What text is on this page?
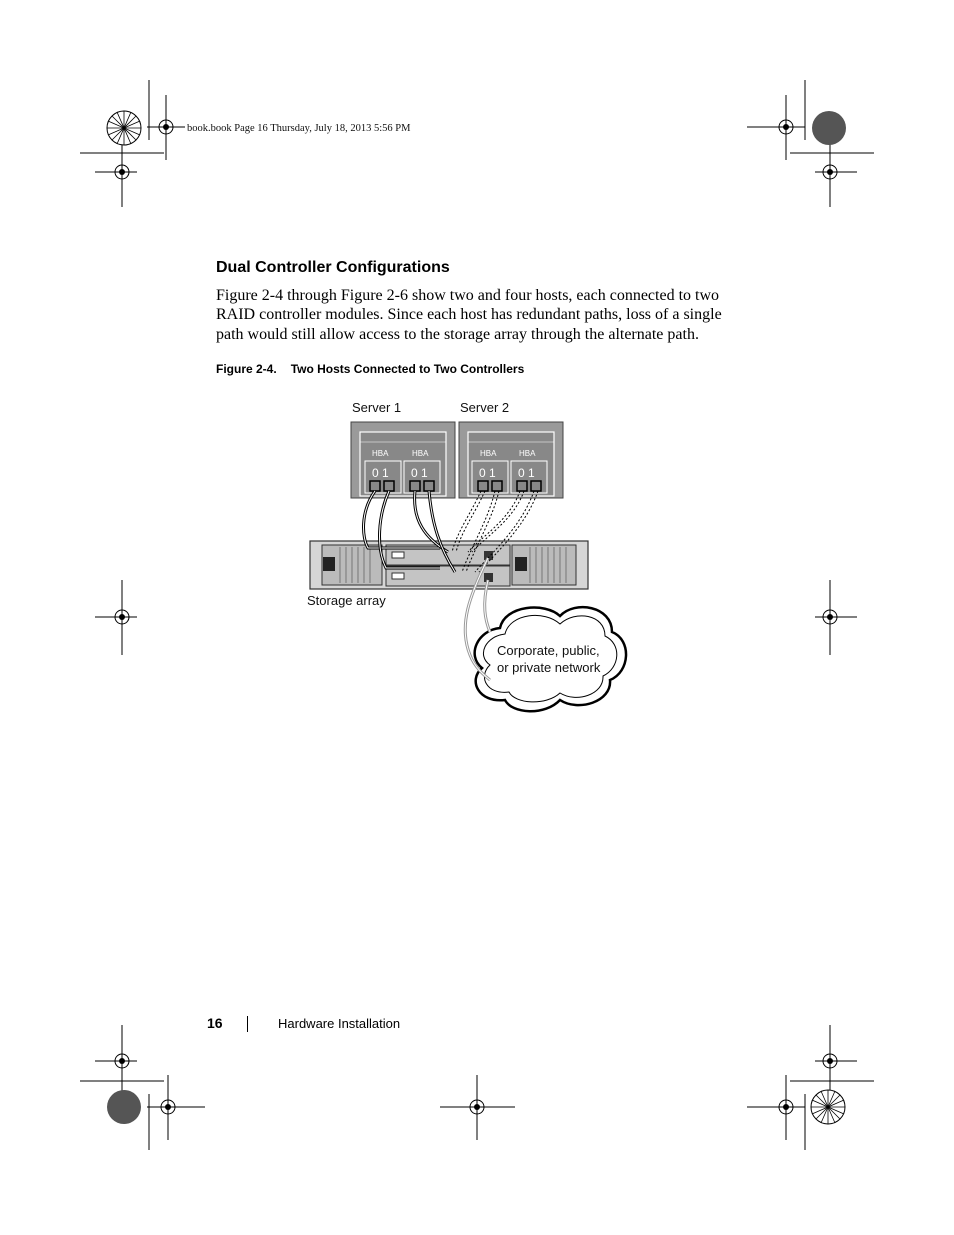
book.book Page 16 Thursday, July 18, 2013 5:56 PM
Dual Controller Configurations

Figure 2-4 through Figure 2-6 show two and four hosts, each connected to two RAID controller modules. Since each host has redundant paths, loss of a single path would still allow access to the storage array through the alternate path.

Figure 2-4. Two Hosts Connected to Two Controllers
Corporate, public,
or private network
HBA	HBA
0 1 0 1
Server 1
HBA	HBA
0 1 0 1
Server 2
Storage array
16	Hardware Installation
